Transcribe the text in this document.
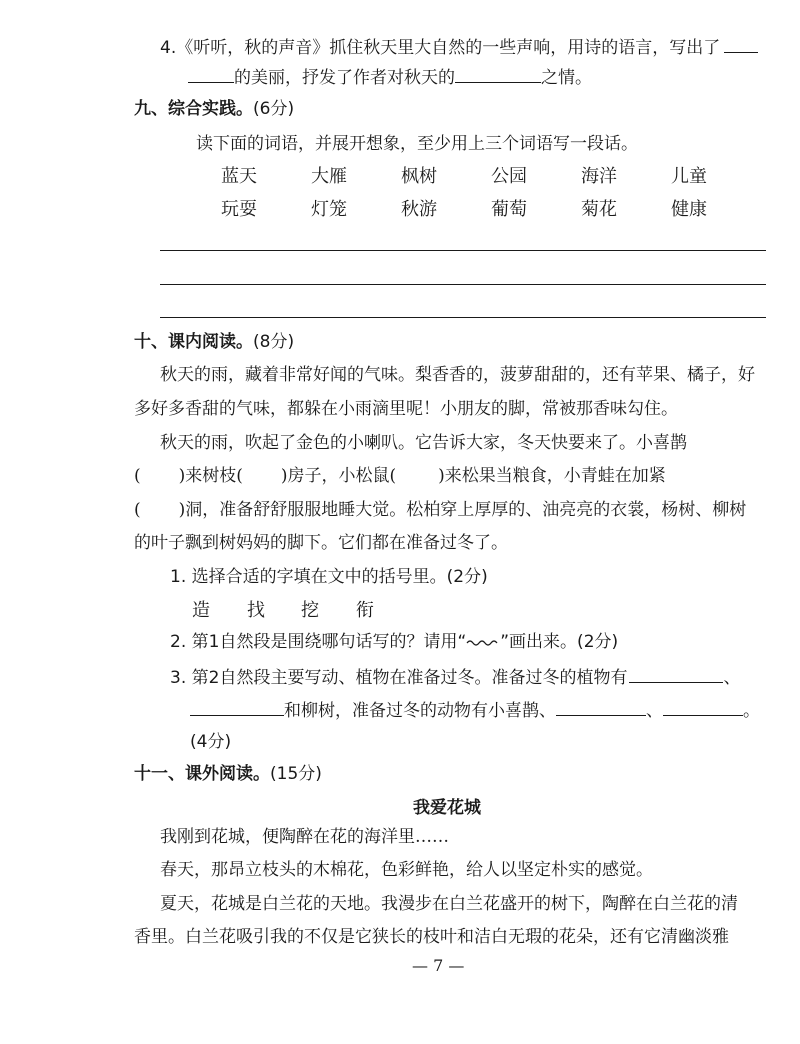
4.《听听，秋的声音》抓住秋天里大自然的一些声响，用诗的语言，写出了
的美丽，抒发了作者对秋天的	之情。
九、综合实践。(6分)
读下面的词语，并展开想象，至少用上三个词语写一段话。
蓝天	大雁	枫树	公园	海洋	儿童
玩耍	灯笼	秋游	葡萄	菊花	健康
十、课内阅读。(8分)
秋天的雨，藏着非常好闻的气味。梨香香的，菠萝甜甜的，还有苹果、橘子，好
多好多香甜的气味，都躲在小雨滴里呢！小朋友的脚，常被那香味勾住。
秋天的雨，吹起了金色的小喇叭。它告诉大家，冬天快要来了。小喜鹊
( )来树枝( )房子，小松鼠( )来松果当粮食，小青蛙在加紧
( )洞，准备舒舒服服地睡大觉。松柏穿上厚厚的、油亮亮的衣裳，杨树、柳树
的叶子飘到树妈妈的脚下。它们都在准备过冬了。
1. 选择合适的字填在文中的括号里。(2分)
造 找 挖 衔
2. 第1自然段是围绕哪句话写的？请用“ ”画出来。(2分)
3. 第2自然段主要写动、植物在准备过冬。准备过冬的植物有	、
和柳树，准备过冬的动物有小喜鹊、	、	。
(4分)
十一、课外阅读。(15分)
我爱花城
我刚到花城，便陶醉在花的海洋里……
春天，那昂立枝头的木棉花，色彩鲜艳，给人以坚定朴实的感觉。
夏天，花城是白兰花的天地。我漫步在白兰花盛开的树下，陶醉在白兰花的清
香里。白兰花吸引我的不仅是它狭长的枝叶和洁白无瑕的花朵，还有它清幽淡雅
— 7 —
